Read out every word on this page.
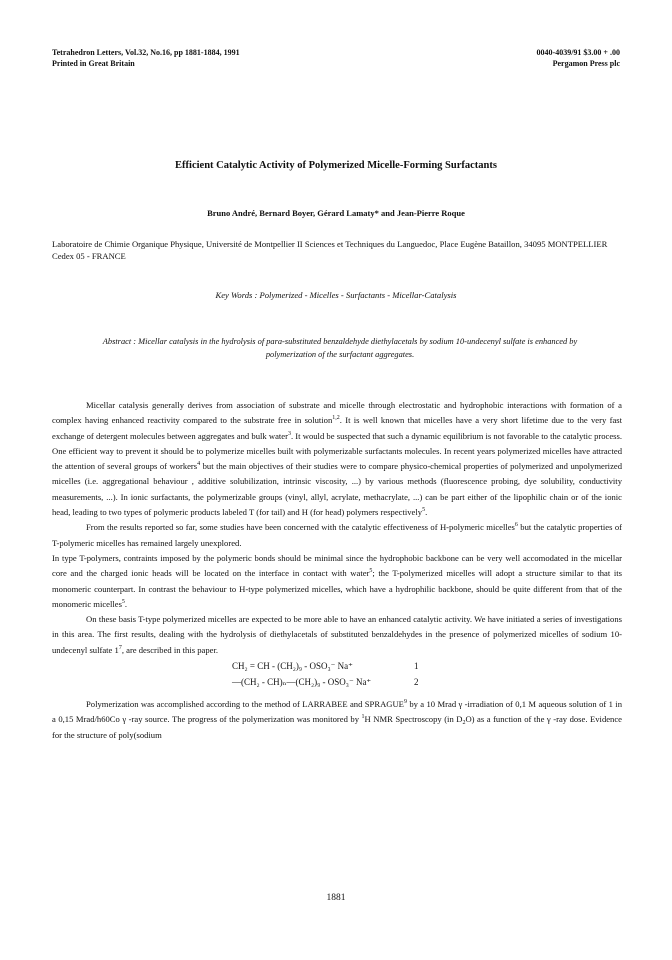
Tetrahedron Letters, Vol.32, No.16, pp 1881-1884, 1991
Printed in Great Britain
0040-4039/91 $3.00 + .00
Pergamon Press plc
Efficient Catalytic Activity of Polymerized Micelle-Forming Surfactants
Bruno André, Bernard Boyer, Gérard Lamaty* and Jean-Pierre Roque
Laboratoire de Chimie Organique Physique, Université de Montpellier II Sciences et Techniques du Languedoc, Place Eugène Bataillon, 34095 MONTPELLIER Cedex 05 - FRANCE
Key Words : Polymerized - Micelles - Surfactants - Micellar-Catalysis
Abstract : Micellar catalysis in the hydrolysis of para-substituted benzaldehyde diethylacetals by sodium 10-undecenyl sulfate is enhanced by polymerization of the surfactant aggregates.

Micellar catalysis generally derives from association of substrate and micelle through electrostatic and hydrophobic interactions with formation of a complex having enhanced reactivity compared to the substrate free in solution$^{1,2}$. It is well known that micelles have a very short lifetime due to the very fast exchange of detergent molecules between aggregates and bulk water$^3$. It would be suspected that such a dynamic equilibrium is not favorable to the catalytic process. One efficient way to prevent it should be to polymerize micelles built with polymerizable surfactants molecules. In recent years polymerized micelles have attracted the attention of several groups of workers$^4$ but the main objectives of their studies were to compare physico-chemical properties of polymerized and unpolymerized micelles (i.e. aggregational behaviour , additive solubilization, intrinsic viscosity, ...) by various methods (fluorescence probing, dye solubility, conductivity measurements, ...). In ionic surfactants, the polymerizable groups (vinyl, allyl, acrylate, methacrylate, ...) can be part either of the lipophilic chain or of the ionic head, leading to two types of polymeric products labeled T (for tail) and H (for head) polymers respectively$^5$.

From the results reported so far, some studies have been concerned with the catalytic effectiveness of H-polymeric micelles$^6$ but the catalytic properties of T-polymeric micelles has remained largely unexplored.

In type T-polymers, contraints imposed by the polymeric bonds should be minimal since the hydrophobic backbone can be very well accomodated in the micellar core and the charged ionic heads will be located on the interface in contact with water$^5$; the T-polymerized micelles will adopt a structure similar to that its monomeric counterpart. In contrast the behaviour to H-type polymerized micelles, which have a hydrophilic backbone, should be quite different from that of the monomeric micelles$^5$.

On these basis T-type polymerized micelles are expected to be more able to have an enhanced catalytic activity. We have initiated a series of investigations in this area. The first results, dealing with the hydrolysis of diethylacetals of substituted benzaldehydes in the presence of polymerized micelles of sodium 10-undecenyl sulfate $1^7$, are described in this paper.

CH₂ = CH - (CH₂)₉ - OSO₃⁻ Na⁺	1
—(CH₂ - CH)ₙ—(CH₂)₉ - OSO₃⁻ Na⁺	2

Polymerization was accomplished according to the method of LARRABEE and SPRAGUE$^9$ by a 10 Mrad γ -irradiation of 0,1 M aqueous solution of 1 in a 0,15 Mrad/h60Co γ -ray source. The progress of the polymerization was monitored by $^1$H NMR Spectroscopy (in $D_2O$) as a function of the γ -ray dose. Evidence for the structure of poly(sodium

1881
